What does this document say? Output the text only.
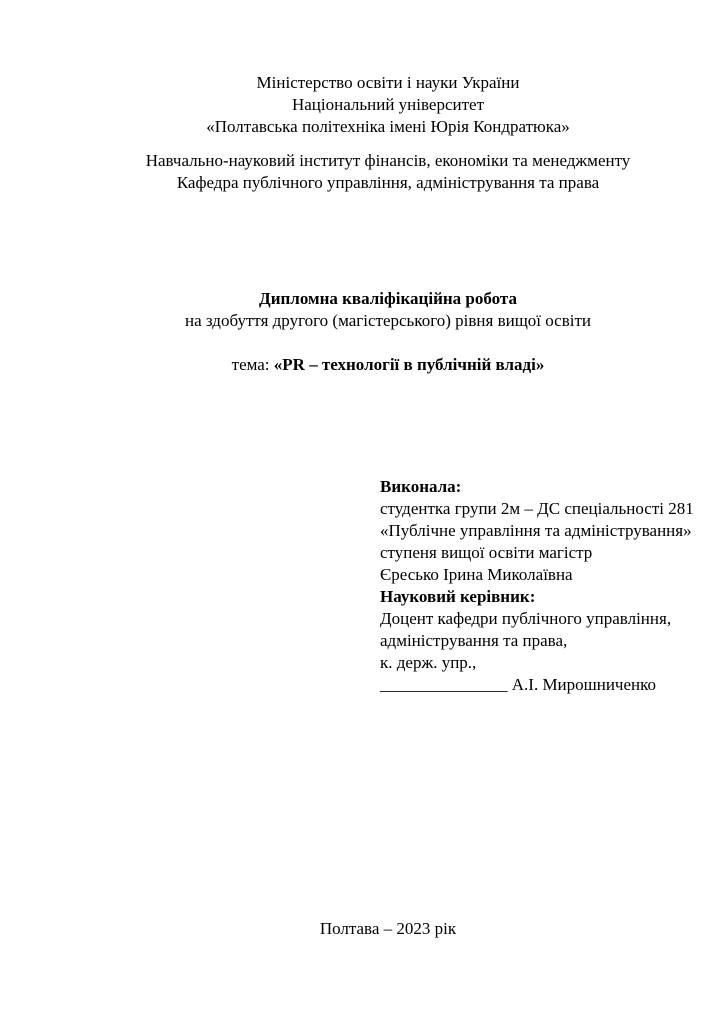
Міністерство освіти і науки України
Національний університет
«Полтавська політехніка імені Юрія Кондратюка»
Навчально-науковий інститут фінансів, економіки та менеджменту
Кафедра публічного управління, адміністрування та права
Дипломна кваліфікаційна робота
на здобуття другого (магістерського) рівня вищої освіти
тема: «PR – технології в публічній владі»
Виконала:
студентка групи 2м – ДС спеціальності 281
«Публічне управління та адміністрування»
ступеня вищої освіти магістр
Єресько Ірина Миколаївна
Науковий керівник:
Доцент кафедри публічного управління,
адміністрування та права,
к. держ. упр.,
_______________ А.І. Мирошниченко
Полтава – 2023 рік
